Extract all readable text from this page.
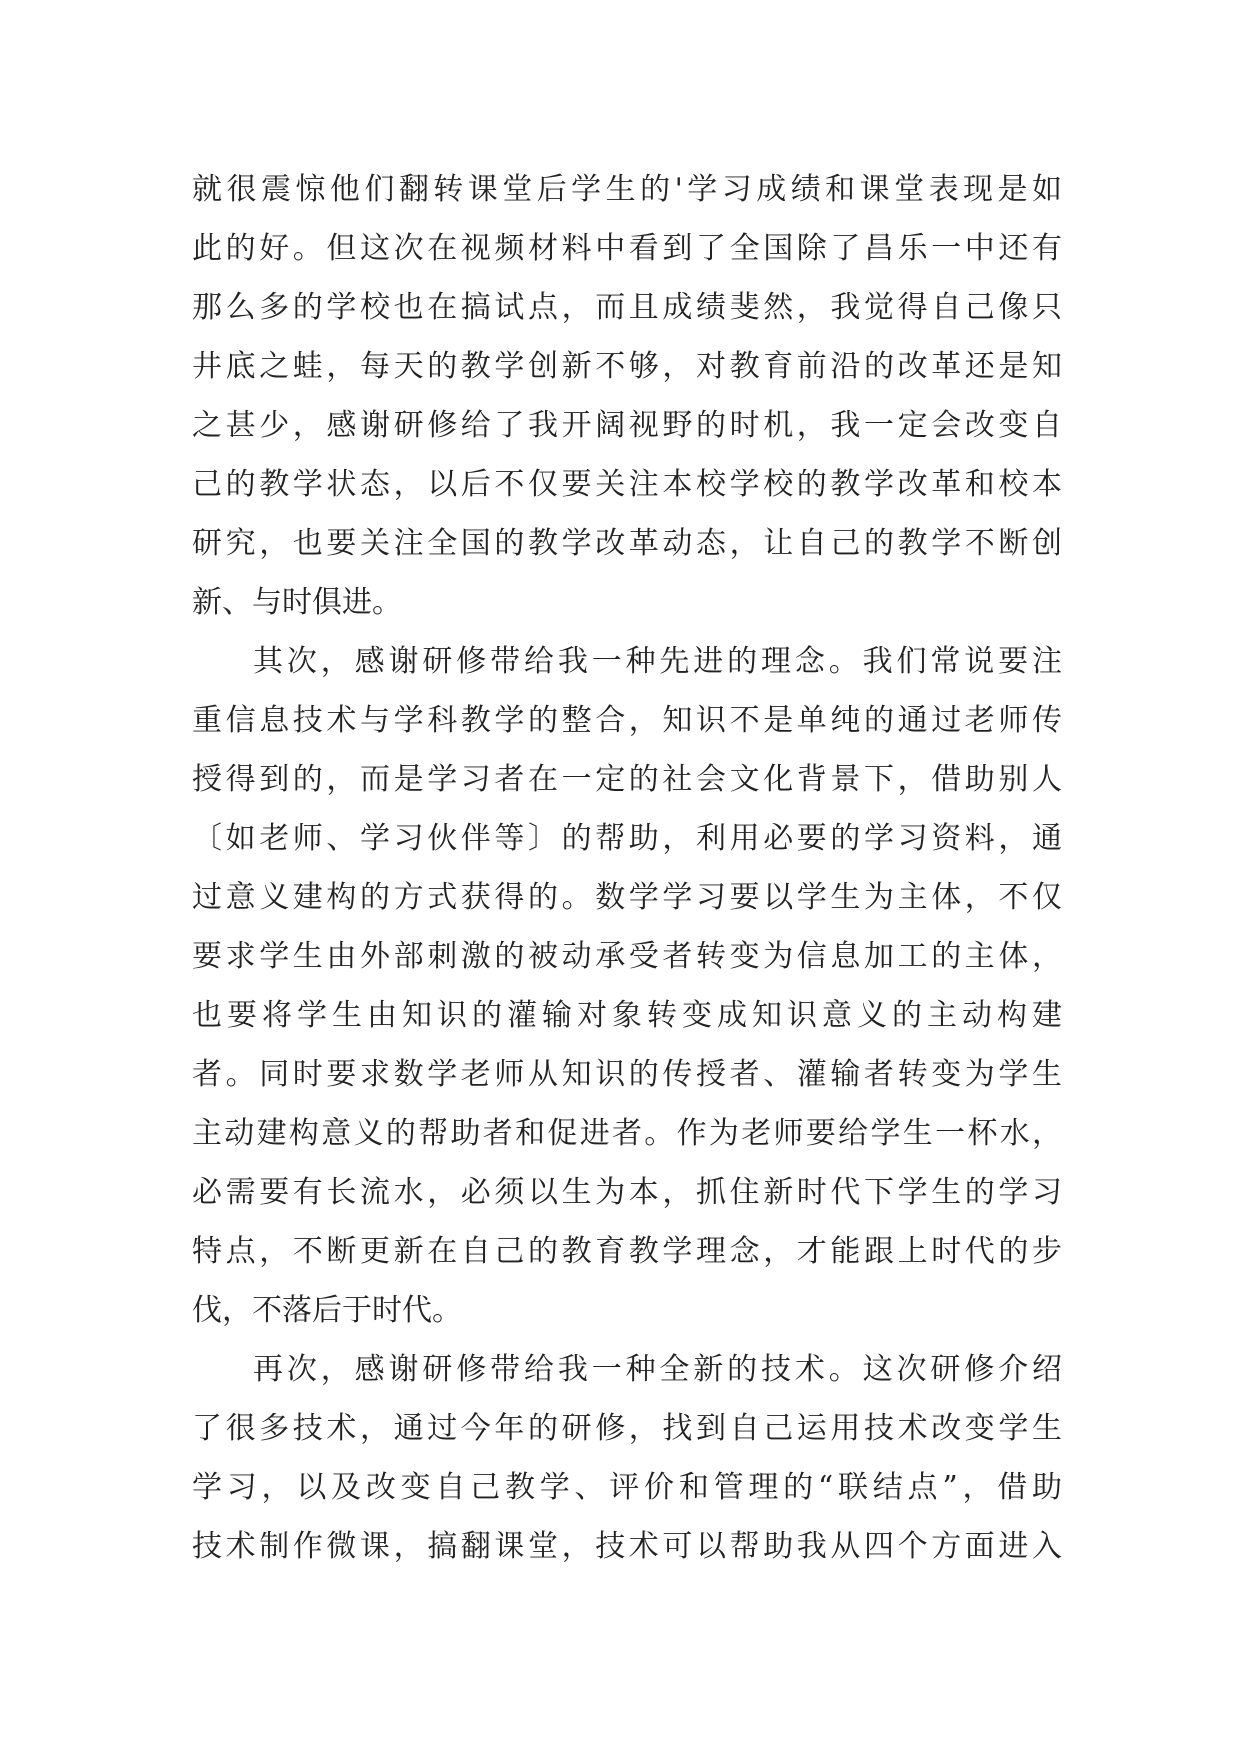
就很震惊他们翻转课堂后学生的'学习成绩和课堂表现是如
此的好。但这次在视频材料中看到了全国除了昌乐一中还有
那么多的学校也在搞试点，而且成绩斐然，我觉得自己像只
井底之蛙，每天的教学创新不够，对教育前沿的改革还是知
之甚少，感谢研修给了我开阔视野的时机，我一定会改变自
己的教学状态，以后不仅要关注本校学校的教学改革和校本
研究，也要关注全国的教学改革动态，让自己的教学不断创
新、与时俱进。
其次，感谢研修带给我一种先进的理念。我们常说要注
重信息技术与学科教学的整合，知识不是单纯的通过老师传
授得到的，而是学习者在一定的社会文化背景下，借助别人
〔如老师、学习伙伴等〕的帮助，利用必要的学习资料，通
过意义建构的方式获得的。数学学习要以学生为主体，不仅
要求学生由外部刺激的被动承受者转变为信息加工的主体，
也要将学生由知识的灌输对象转变成知识意义的主动构建
者。同时要求数学老师从知识的传授者、灌输者转变为学生
主动建构意义的帮助者和促进者。作为老师要给学生一杯水，
必需要有长流水，必须以生为本，抓住新时代下学生的学习
特点，不断更新在自己的教育教学理念，才能跟上时代的步
伐，不落后于时代。
再次，感谢研修带给我一种全新的技术。这次研修介绍
了很多技术，通过今年的研修，找到自己运用技术改变学生
学习，以及改变自己教学、评价和管理的“联结点”，借助
技术制作微课，搞翻课堂，技术可以帮助我从四个方面进入
